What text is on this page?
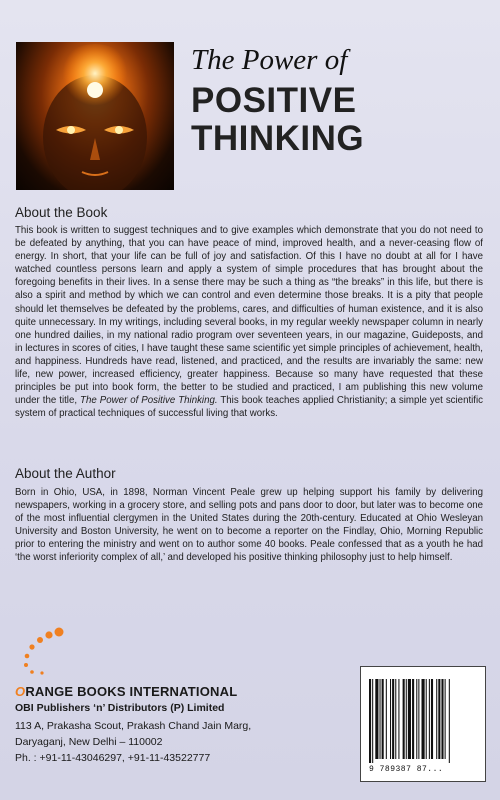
The Power of
POSITIVE
THINKING
About the Book

This book is written to suggest techniques and to give examples which demonstrate that you do not need to be defeated by anything, that you can have peace of mind, improved health, and a never-ceasing flow of energy. In short, that your life can be full of joy and satisfaction. Of this I have no doubt at all for I have watched countless persons learn and apply a system of simple procedures that has brought about the foregoing benefits in their lives. In a sense there may be such a thing as “the breaks” in this life, but there is also a spirit and method by which we can control and even determine those breaks. It is a pity that people should let themselves be defeated by the problems, cares, and difficulties of human existence, and it is also quite unnecessary. In my writings, including several books, in my regular weekly newspaper column in nearly one hundred dailies, in my national radio program over seventeen years, in our magazine, Guideposts, and in lectures in scores of cities, I have taught these same scientific yet simple principles of achievement, health, and happiness. Hundreds have read, listened, and practiced, and the results are invariably the same: new life, new power, increased efficiency, greater happiness. Because so many have requested that these principles be put into book form, the better to be studied and practiced, I am publishing this new volume under the title, The Power of Positive Thinking. This book teaches applied Christianity; a simple yet scientific system of practical techniques of successful living that works.

About the Author

Born in Ohio, USA, in 1898, Norman Vincent Peale grew up helping support his family by delivering newspapers, working in a grocery store, and selling pots and pans door to door, but later was to become one of the most influential clergymen in the United States during the 20th-century. Educated at Ohio Wesleyan University and Boston University, he went on to become a reporter on the Findlay, Ohio, Morning Republic prior to entering the ministry and went on to author some 40 books. Peale confessed that as a youth he had ‘the worst inferiority complex of all,’ and developed his positive thinking philosophy just to help himself.

ORANGE BOOKS INTERNATIONAL

OBI Publishers ‘n’ Distributors (P) Limited

113 A, Prakasha Scout, Prakash Chand Jain Marg,

Daryaganj, New Delhi – 110002

Ph. : +91-11-43046297, +91-11-43522777

9 789387 87...
